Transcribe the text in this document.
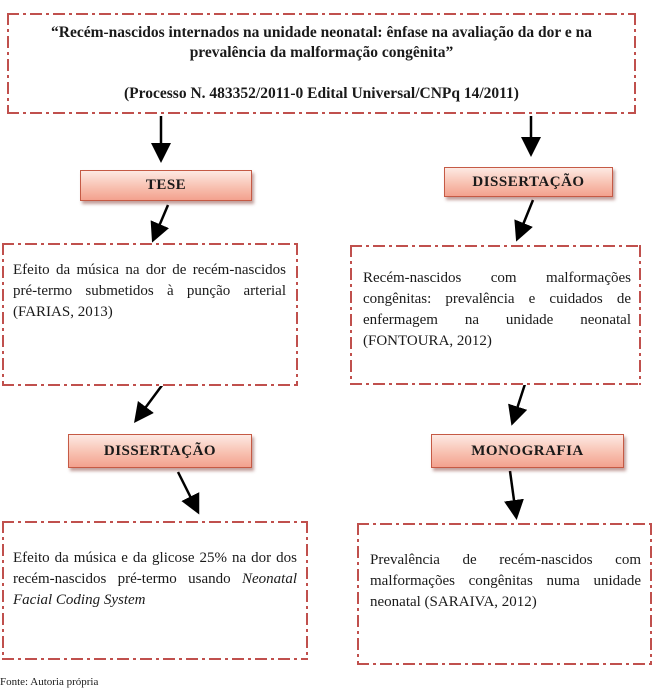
“Recém-nascidos internados na unidade neonatal: ênfase na avaliação da dor e na prevalência da malformação congênita”
(Processo N. 483352/2011-0 Edital Universal/CNPq 14/2011)
TESE	DISSERTAÇÃO

Efeito da música na dor de recém-nascidos pré-termo submetidos à punção arterial (FARIAS, 2013)

Recém-nascidos com malformações congênitas: prevalência e cuidados de enfermagem na unidade neonatal (FONTOURA, 2012)

DISSERTAÇÃO	MONOGRAFIA

Efeito da música e da glicose 25% na dor dos recém-nascidos pré-termo usando Neonatal Facial Coding System

Prevalência de recém-nascidos com malformações congênitas numa unidade neonatal (SARAIVA, 2012)

Fonte: Autoria própria
